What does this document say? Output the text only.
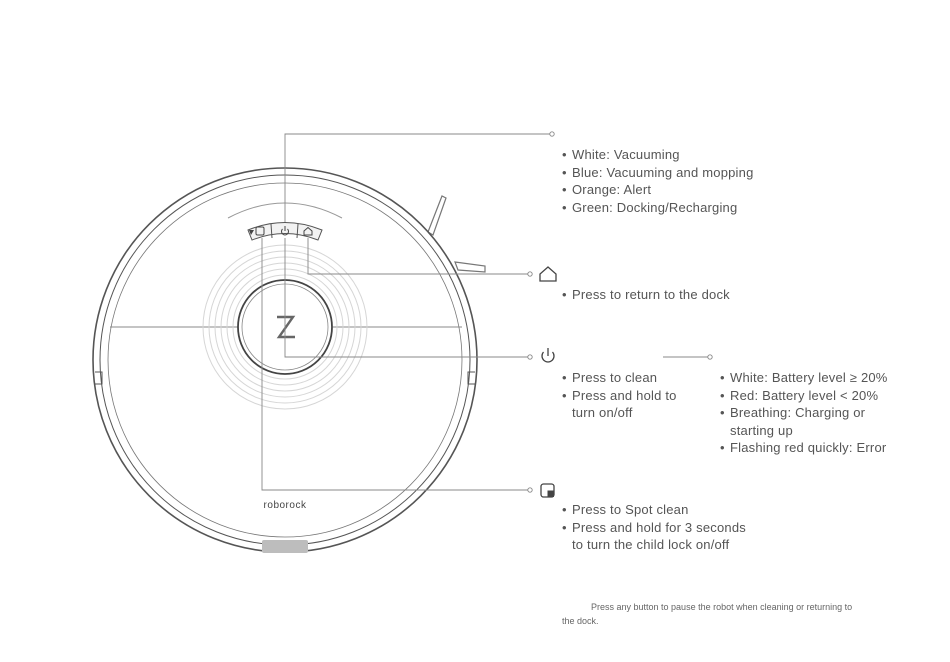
roborock
• White: Vacuuming
• Blue: Vacuuming and mopping
• Orange: Alert
• Green: Docking/Recharging
• Press to return to the dock
• Press to clean
• Press and hold to
turn on/off
• White: Battery level ≥ 20%
• Red: Battery level < 20%
• Breathing: Charging or
starting up
• Flashing red quickly: Error
• Press to Spot clean
• Press and hold for 3 seconds
to turn the child lock on/off
Press any button to pause the robot when cleaning or returning to
the dock.
